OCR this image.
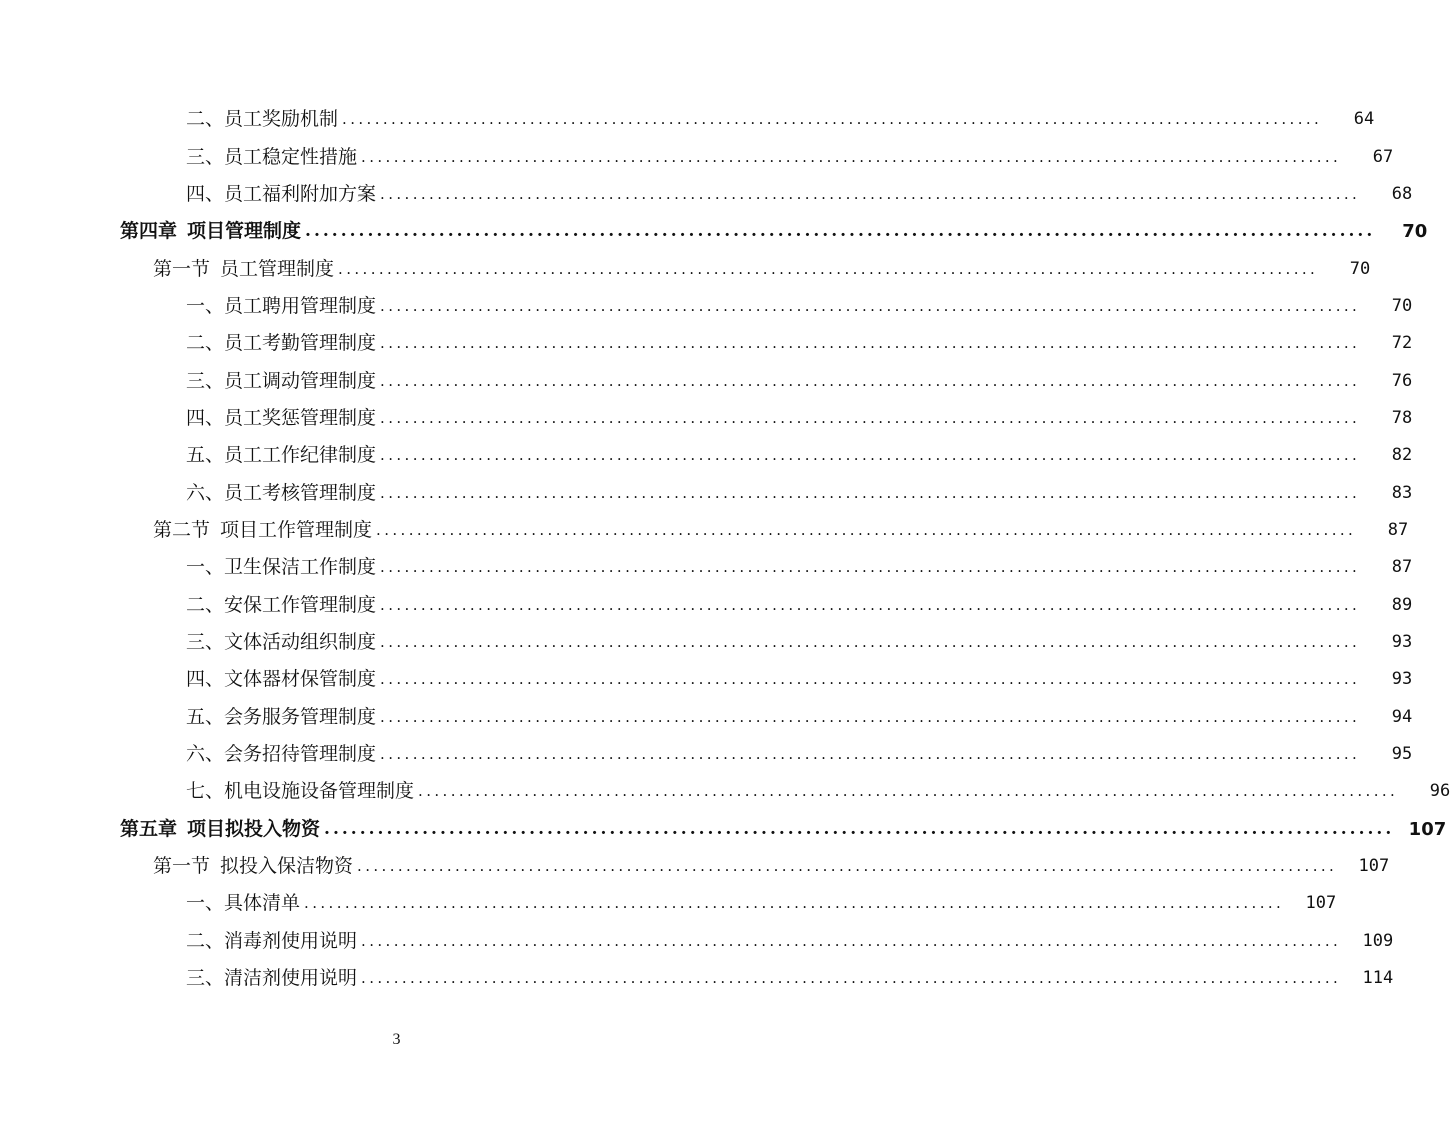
二、员工奖励机制 ........................................................................................................................	64
三、员工稳定性措施 ........................................................................................................................	67
四、员工福利附加方案 ........................................................................................................................	68
第四章 项目管理制度 ........................................................................................................................	70
第一节 员工管理制度 ........................................................................................................................	70
一、员工聘用管理制度 ........................................................................................................................	70
二、员工考勤管理制度 ........................................................................................................................	72
三、员工调动管理制度 ........................................................................................................................	76
四、员工奖惩管理制度 ........................................................................................................................	78
五、员工工作纪律制度 ........................................................................................................................	82
六、员工考核管理制度 ........................................................................................................................	83
第二节 项目工作管理制度 ........................................................................................................................	87
一、卫生保洁工作制度 ........................................................................................................................	87
二、安保工作管理制度 ........................................................................................................................	89
三、文体活动组织制度 ........................................................................................................................	93
四、文体器材保管制度 ........................................................................................................................	93
五、会务服务管理制度 ........................................................................................................................	94
六、会务招待管理制度 ........................................................................................................................	95
七、机电设施设备管理制度 ........................................................................................................................	96
第五章 项目拟投入物资 ........................................................................................................................ 107
第一节 拟投入保洁物资 ........................................................................................................................	107
一、具体清单 ........................................................................................................................	107
二、消毒剂使用说明 ........................................................................................................................	109
三、清洁剂使用说明 ........................................................................................................................	114
3
